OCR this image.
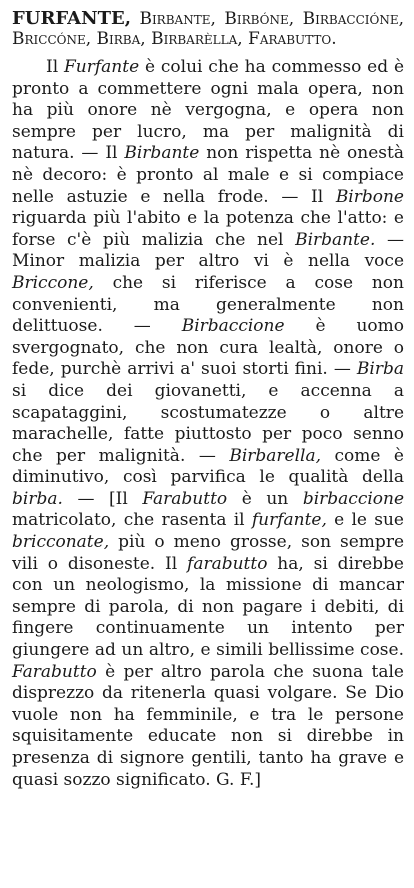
FURFANTE, Birbante, Birbóne, Birbaccióne, Briccóne, Birba, Birbarèlla, Farabutto.

Il Furfante è colui che ha commesso ed è pronto a commettere ogni mala opera, non ha più onore nè vergogna, e opera non sempre per lucro, ma per malignità di natura. — Il Birbante non rispetta nè onestà nè decoro: è pronto al male e si compiace nelle astuzie e nella frode. — Il Birbone riguarda più l'abito e la potenza che l'atto: e forse c'è più malizia che nel Birbante. — Minor malizia per altro vi è nella voce Briccone, che si riferisce a cose non convenienti, ma generalmente non delittuose. — Birbaccione è uomo svergognato, che non cura lealtà, onore o fede, purchè arrivi a' suoi storti fini. — Birba si dice dei giovanetti, e accenna a scapataggini, scostumatezze o altre marachelle, fatte piuttosto per poco senno che per malignità. — Birbarella, come è diminutivo, così parvifica le qualità della birba. — [Il Farabutto è un birbaccione matricolato, che rasenta il furfante, e le sue bricconate, più o meno grosse, son sempre vili o disoneste. Il farabutto ha, si direbbe con un neologismo, la missione di mancar sempre di parola, di non pagare i debiti, di fingere continuamente un intento per giungere ad un altro, e simili bellissime cose. Farabutto è per altro parola che suona tale disprezzo da ritenerla quasi volgare. Se Dio vuole non ha femminile, e tra le persone squisitamente educate non si direbbe in presenza di signore gentili, tanto ha grave e quasi sozzo significato. G. F.]
